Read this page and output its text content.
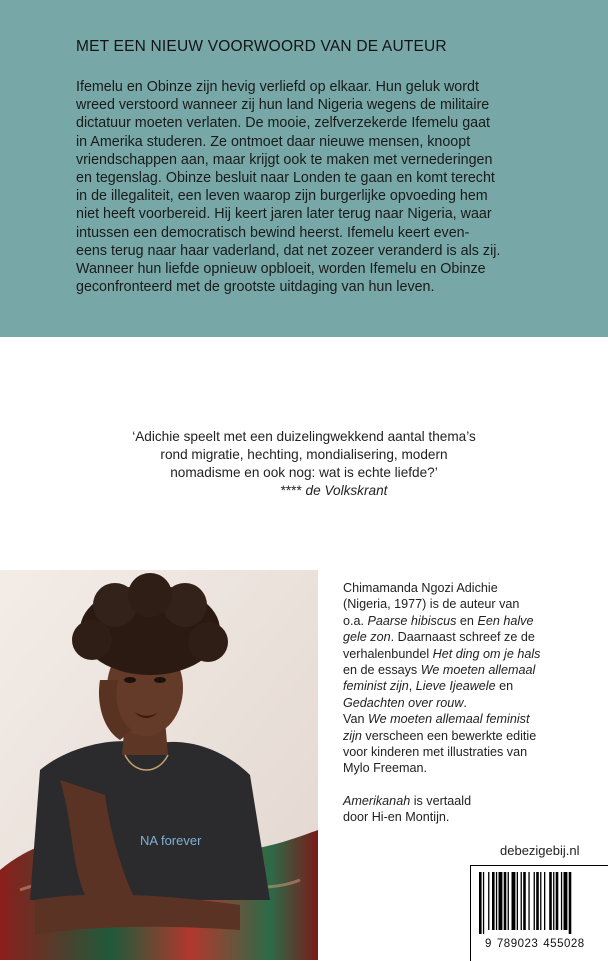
MET EEN NIEUW VOORWOORD VAN DE AUTEUR
Ifemelu en Obinze zijn hevig verliefd op elkaar. Hun geluk wordt
wreed verstoord wanneer zij hun land Nigeria wegens de militaire
dictatuur moeten verlaten. De mooie, zelfverzekerde Ifemelu gaat
in Amerika studeren. Ze ontmoet daar nieuwe mensen, knoopt
vriendschappen aan, maar krijgt ook te maken met vernederingen
en tegenslag. Obinze besluit naar Londen te gaan en komt terecht
in de illegaliteit, een leven waarop zijn burgerlijke opvoeding hem
niet heeft voorbereid. Hij keert jaren later terug naar Nigeria, waar
intussen een democratisch bewind heerst. Ifemelu keert even-
eens terug naar haar vaderland, dat net zozeer veranderd is als zij.
Wanneer hun liefde opnieuw opbloeit, worden Ifemelu en Obinze
geconfronteerd met de grootste uitdaging van hun leven.
‘Adichie speelt met een duizelingwekkend aantal thema’s
rond migratie, hechting, mondialisering, modern
nomadisme en ook nog: wat is echte liefde?’
**** de Volkskrant
NA forever
Chimamanda Ngozi Adichie
(Nigeria, 1977) is de auteur van
o.a. Paarse hibiscus en Een halve
gele zon. Daarnaast schreef ze de
verhalenbundel Het ding om je hals
en de essays We moeten allemaal
feminist zijn, Lieve Ijeawele en
Gedachten over rouw.
Van We moeten allemaal feminist
zijn verscheen een bewerkte editie
voor kinderen met illustraties van
Mylo Freeman.
Amerikanah is vertaald
door Hi-en Montijn.
debezigebij.nl
9 789023 455028
